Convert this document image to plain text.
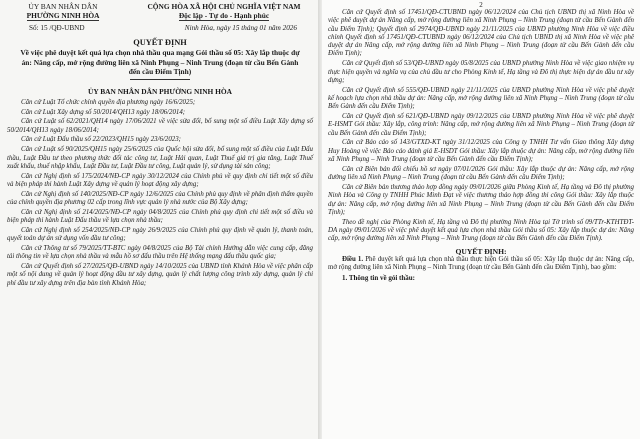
ỦY BAN NHÂN DÂN
PHƯỜNG NINH HÒA
CỘNG HÒA XÃ HỘI CHỦ NGHĨA VIỆT NAM
Độc lập - Tự do - Hạnh phúc
Số: 15 /QĐ-UBND	Ninh Hòa, ngày 15 tháng 01 năm 2026
QUYẾT ĐỊNH
Về việc phê duyệt kết quả lựa chọn nhà thầu qua mạng Gói thầu số 05: Xây lắp thuộc dự án: Nâng cấp, mở rộng đường liên xã Ninh Phụng – Ninh Trung (đoạn từ cầu Bến Gành đến cầu Điểm Tịnh)
ỦY BAN NHÂN DÂN PHƯỜNG NINH HÒA

Căn cứ Luật Tổ chức chính quyền địa phương ngày 16/6/2025;

Căn cứ Luật Xây dựng số 50/2014/QH13 ngày 18/06/2014;

Căn cứ Luật số 62/2021/QH14 ngày 17/06/2021 về việc sửa đổi, bổ sung một số điều Luật Xây dựng số 50/2014/QH13 ngày 18/06/2014;

Căn cứ Luật Đấu thầu số 22/2023/QH15 ngày 23/6/2023;

Căn cứ Luật số 90/2025/QH15 ngày 25/6/2025 của Quốc hội sửa đổi, bổ sung một số điều của Luật Đấu thầu, Luật Đầu tư theo phương thức đối tác công tư, Luật Hải quan, Luật Thuế giá trị gia tăng, Luật Thuế xuất khẩu, thuế nhập khẩu, Luật Đầu tư, Luật Đầu tư công, Luật quản lý, sử dụng tài sản công;

Căn cứ Nghị định số 175/2024/NĐ-CP ngày 30/12/2024 của Chính phủ về quy định chi tiết một số điều và biện pháp thi hành Luật Xây dựng về quản lý hoạt động xây dựng;

Căn cứ Nghị định số 140/2025/NĐ-CP ngày 12/6/2025 của Chính phủ quy định về phân định thẩm quyền của chính quyền địa phương 02 cấp trong lĩnh vực quản lý nhà nước của Bộ Xây dựng;

Căn cứ Nghị định số 214/2025/NĐ-CP ngày 04/8/2025 của Chính phủ quy định chi tiết một số điều và biện pháp thi hành Luật Đấu thầu về lựa chọn nhà thầu;

Căn cứ Nghị định số 254/2025/NĐ-CP ngày 26/9/2025 của Chính phủ quy định về quản lý, thanh toán, quyết toán dự án sử dụng vốn đầu tư công;

Căn cứ Thông tư số 79/2025/TT-BTC ngày 04/8/2025 của Bộ Tài chính Hướng dẫn việc cung cấp, đăng tải thông tin về lựa chọn nhà thầu và mẫu hồ sơ đấu thầu trên Hệ thống mạng đấu thầu quốc gia;

Căn cứ Quyết định số 27/2025/QĐ-UBND ngày 14/10/2025 của UBND tỉnh Khánh Hòa về việc phân cấp một số nội dung về quản lý hoạt động đầu tư xây dựng, quản lý chất lượng công trình xây dựng, quản lý chi phí đầu tư xây dựng trên địa bàn tỉnh Khánh Hòa;

2

Căn cứ Quyết định số 17451/QĐ-CTUBND ngày 06/12/2024 của Chủ tịch UBND thị xã Ninh Hòa về việc phê duyệt dự án Nâng cấp, mở rộng đường liên xã Ninh Phụng – Ninh Trung (đoạn từ cầu Bến Gành đến cầu Điểm Tịnh); Quyết định số 2974/QĐ-UBND ngày 21/11/2025 của UBND phường Ninh Hòa về việc điều chỉnh Quyết định số 17451/QĐ-CTUBND ngày 06/12/2024 của Chủ tịch UBND thị xã Ninh Hòa về việc phê duyệt dự án Nâng cấp, mở rộng đường liên xã Ninh Phụng – Ninh Trung (đoạn từ cầu Bến Gành đến cầu Điểm Tịnh);

Căn cứ Quyết định số 53/QĐ-UBND ngày 05/8/2025 của UBND phường Ninh Hòa về việc giao nhiệm vụ thực hiện quyền và nghĩa vụ của chủ đầu tư cho Phòng Kinh tế, Hạ tầng và Đô thị thực hiện dự án đầu tư xây dựng;

Căn cứ Quyết định số 555/QĐ-UBND ngày 21/11/2025 của UBND phường Ninh Hòa về việc phê duyệt kế hoạch lựa chọn nhà thầu dự án: Nâng cấp, mở rộng đường liên xã Ninh Phụng – Ninh Trung (đoạn từ cầu Bến Gành đến cầu Điểm Tịnh);

Căn cứ Quyết định số 621/QĐ-UBND ngày 09/12/2025 của UBND phường Ninh Hòa về việc phê duyệt E-HSMT Gói thầu: Xây lắp, công trình: Nâng cấp, mở rộng đường liên xã Ninh Phụng – Ninh Trung (đoạn từ cầu Bến Gành đến cầu Điểm Tịnh);

Căn cứ Báo cáo số 143/GTXD-KT ngày 31/12/2025 của Công ty TNHH Tư vấn Giao thông Xây dựng Huy Hoàng về việc Báo cáo đánh giá E-HSDT Gói thầu: Xây lắp thuộc dự án: Nâng cấp, mở rộng đường liên xã Ninh Phụng – Ninh Trung (đoạn từ cầu Bến Gành đến cầu Điểm Tịnh);

Căn cứ Biên bản đối chiếu hồ sơ ngày 07/01/2026 Gói thầu: Xây lắp thuộc dự án: Nâng cấp, mở rộng đường liên xã Ninh Phụng – Ninh Trung (đoạn từ cầu Bến Gành đến cầu Điểm Tịnh);

Căn cứ Biên bản thương thảo hợp đồng ngày 09/01/2026 giữa Phòng Kinh tế, Hạ tầng và Đô thị phường Ninh Hòa và Công ty TNHH Phúc Minh Đạt về việc thương thảo hợp đồng thi công Gói thầu: Xây lắp thuộc dự án: Nâng cấp, mở rộng đường liên xã Ninh Phụng – Ninh Trung (đoạn từ cầu Bến Gành đến cầu Điểm Tịnh);

Theo đề nghị của Phòng Kinh tế, Hạ tầng và Đô thị phường Ninh Hòa tại Tờ trình số 09/TTr-KTHTĐT-DA ngày 09/01/2026 về việc phê duyệt kết quả lựa chọn nhà thầu Gói thầu số 05: Xây lắp thuộc dự án: Nâng cấp, mở rộng đường liên xã Ninh Phụng – Ninh Trung (đoạn từ cầu Bến Gành đến cầu Điểm Tịnh).

QUYẾT ĐỊNH:

Điều 1. Phê duyệt kết quả lựa chọn nhà thầu thực hiện Gói thầu số 05: Xây lắp thuộc dự án: Nâng cấp, mở rộng đường liên xã Ninh Phụng – Ninh Trung (đoạn từ cầu Bến Gành đến cầu Điểm Tịnh), bao gồm:

1. Thông tin về gói thầu:
